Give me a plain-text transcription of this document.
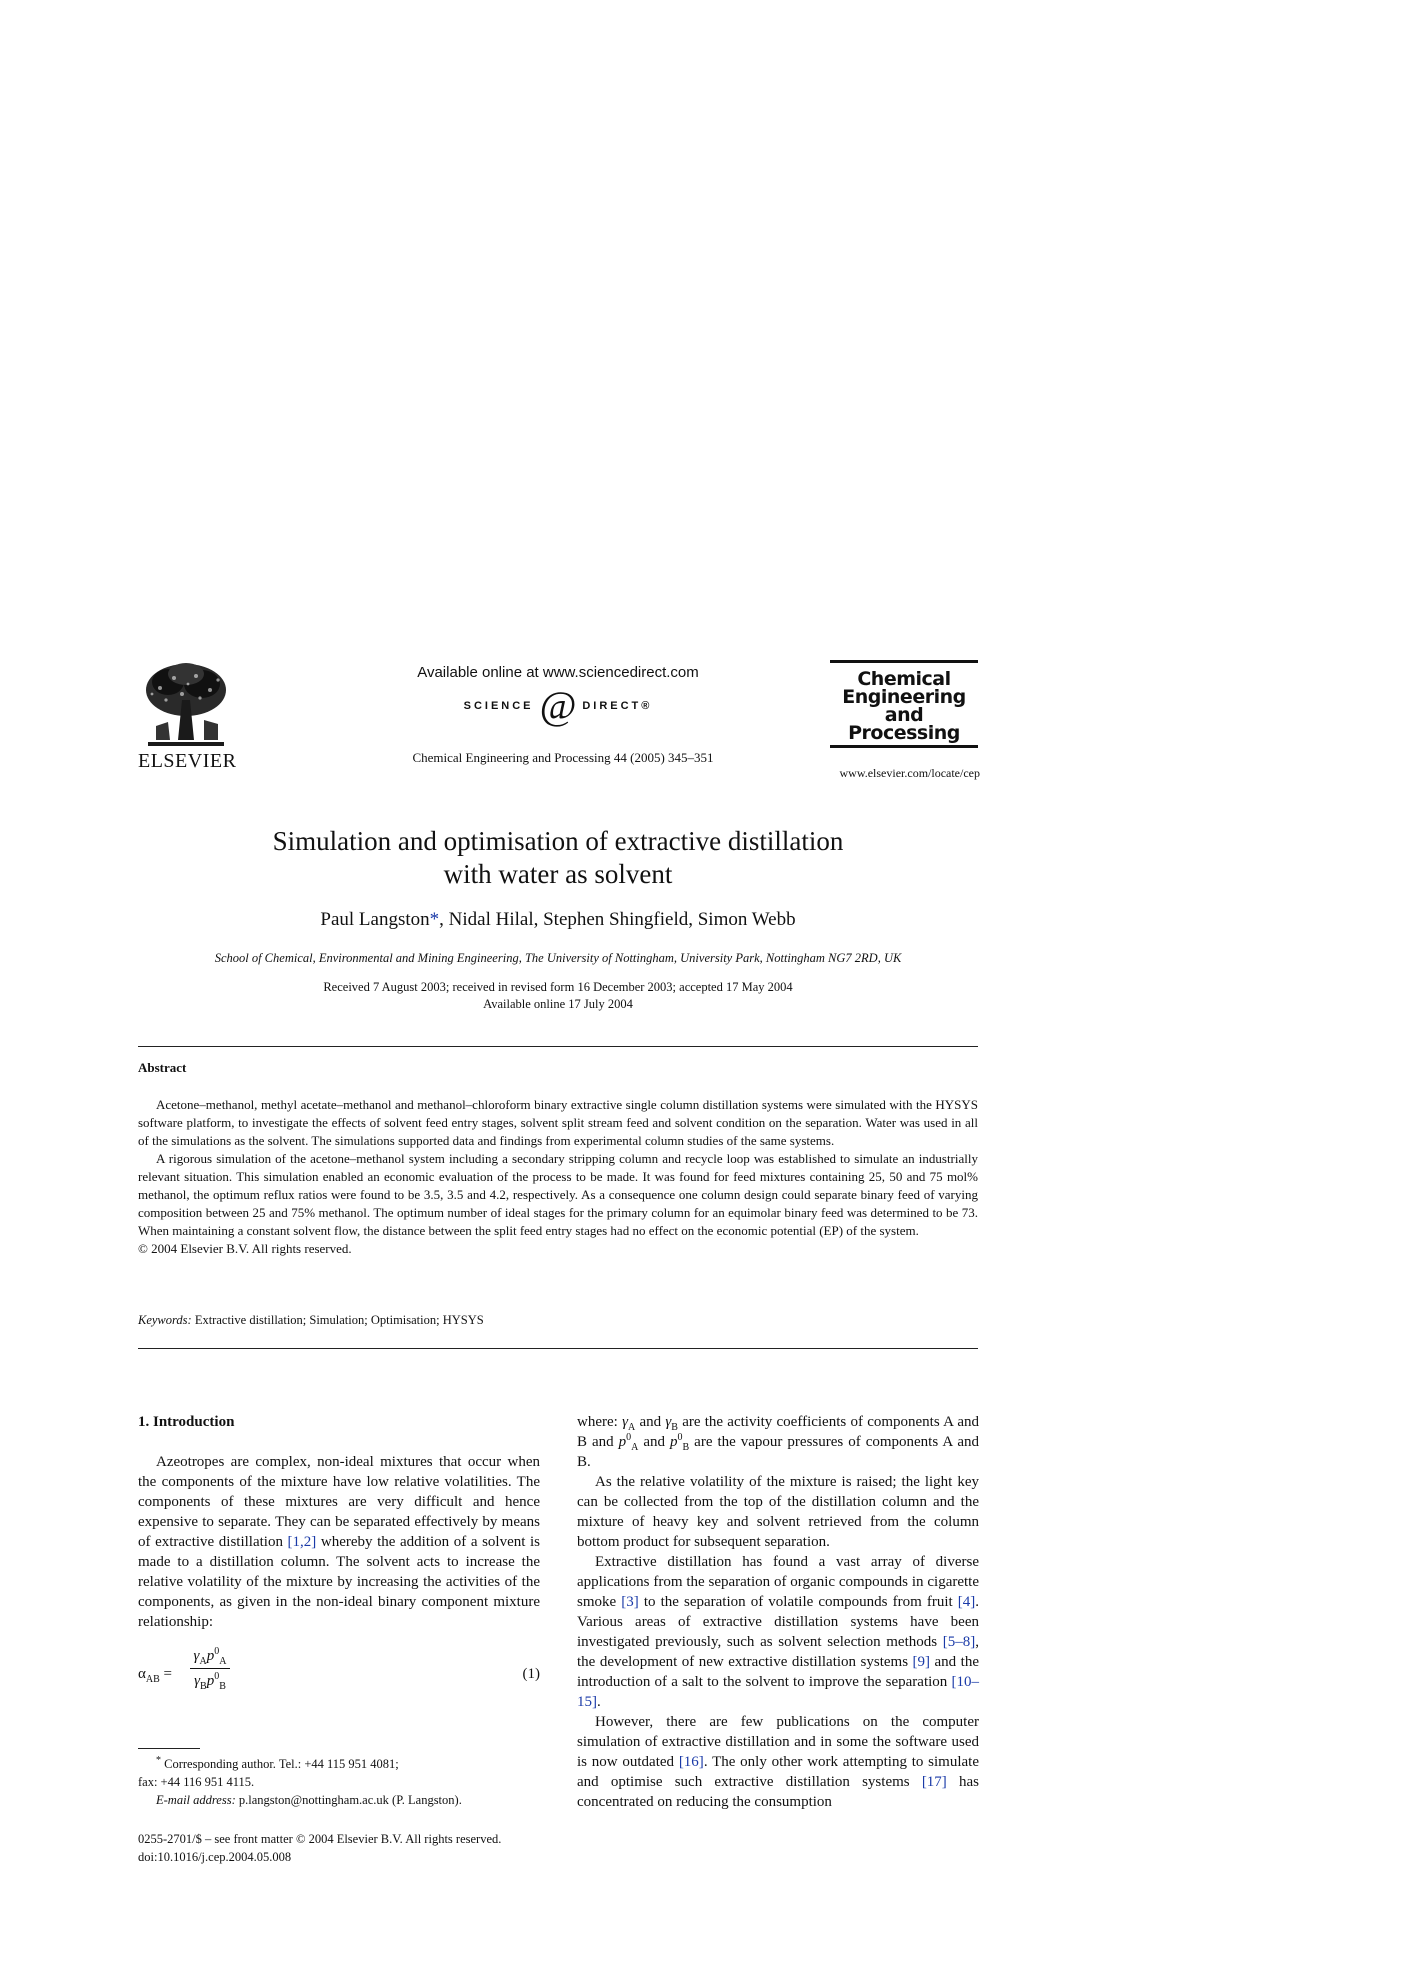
ELSEVIER
Available online at www.sciencedirect.com
SCIENCE @ DIRECT®
Chemical Engineering and Processing 44 (2005) 345–351
Chemical
Engineering
and
Processing
www.elsevier.com/locate/cep
Simulation and optimisation of extractive distillation
with water as solvent
Paul Langston*, Nidal Hilal, Stephen Shingfield, Simon Webb
School of Chemical, Environmental and Mining Engineering, The University of Nottingham, University Park, Nottingham NG7 2RD, UK
Received 7 August 2003; received in revised form 16 December 2003; accepted 17 May 2004
Available online 17 July 2004
Abstract

Acetone–methanol, methyl acetate–methanol and methanol–chloroform binary extractive single column distillation systems were simulated with the HYSYS software platform, to investigate the effects of solvent feed entry stages, solvent split stream feed and solvent condition on the separation. Water was used in all of the simulations as the solvent. The simulations supported data and findings from experimental column studies of the same systems.

A rigorous simulation of the acetone–methanol system including a secondary stripping column and recycle loop was established to simulate an industrially relevant situation. This simulation enabled an economic evaluation of the process to be made. It was found for feed mixtures containing 25, 50 and 75 mol% methanol, the optimum reflux ratios were found to be 3.5, 3.5 and 4.2, respectively. As a consequence one column design could separate binary feed of varying composition between 25 and 75% methanol. The optimum number of ideal stages for the primary column for an equimolar binary feed was determined to be 73. When maintaining a constant solvent flow, the distance between the split feed entry stages had no effect on the economic potential (EP) of the system.

© 2004 Elsevier B.V. All rights reserved.

Keywords: Extractive distillation; Simulation; Optimisation; HYSYS
1. Introduction

Azeotropes are complex, non-ideal mixtures that occur when the components of the mixture have low relative volatilities. The components of these mixtures are very difficult and hence expensive to separate. They can be separated effectively by means of extractive distillation [1,2] whereby the addition of a solvent is made to a distillation column. The solvent acts to increase the relative volatility of the mixture by increasing the activities of the components, as given in the non-ideal binary component mixture relationship:

$\alpha_{AB}$ =
$\gamma_Ap^0_A$
$\gamma_Bp^0_B$
(1)

where: $\gamma_A$ and $\gamma_B$ are the activity coefficients of components A and B and $p^0_A$ and $p^0_B$ are the vapour pressures of components A and B.

As the relative volatility of the mixture is raised; the light key can be collected from the top of the distillation column and the mixture of heavy key and solvent retrieved from the column bottom product for subsequent separation.

Extractive distillation has found a vast array of diverse applications from the separation of organic compounds in cigarette smoke [3] to the separation of volatile compounds from fruit [4]. Various areas of extractive distillation systems have been investigated previously, such as solvent selection methods [5–8], the development of new extractive distillation systems [9] and the introduction of a salt to the solvent to improve the separation [10–15].

However, there are few publications on the computer simulation of extractive distillation and in some the software used is now outdated [16]. The only other work attempting to simulate and optimise such extractive distillation systems [17] has concentrated on reducing the consumption

* Corresponding author. Tel.: +44 115 951 4081;
fax: +44 116 951 4115.
E-mail address: p.langston@nottingham.ac.uk (P. Langston).
0255-2701/$ – see front matter © 2004 Elsevier B.V. All rights reserved.
doi:10.1016/j.cep.2004.05.008
